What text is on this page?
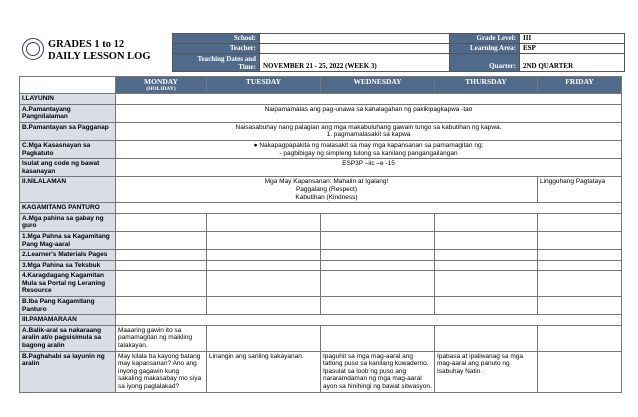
GRADES 1 to 12
DAILY LESSON LOG
School:		Grade Level:	III
Teacher:		Learning Area:	ESP

Teaching Dates and
Time:	NOVEMBER 21 - 25, 2022 (WEEK 3)	Quarter:	2ND QUARTER
	MONDAY
(HOLIDAY)	TUESDAY	WEDNESDAY	THURSDAY	FRIDAY
I.LAYUNIN					
A.Pamantayang Pangnilalaman	Naipamamalas ang pag-unawa sa kahalagahan ng pakikipagkapwa -tao				
B.Pamantayan sa Pagganap	Naisasabuhay nang palagian ang mga makabuluhang gawain tungo sa kabutihan ng kapwa.
1. pagmamalasakit sa kapwa				

C.Mga Kasasnayan sa Pagkatuto	● Nakapagpapakita ng malasakit sa may mga kapansanan sa pamamagitan ng:
- pagbibigay ng simpleng tulong sa kanilang pangangailangan				

Isulat ang code ng bawat kasanayan	ESP3P –iic –e -15				
II.NILALAMAN	Mga May Kapansanan: Mahalin at Igalang!
Paggalang (Respect)
Kabutihan (Kindness)				Lingguhang Pagtataya
KAGAMITANG PANTURO					
A.Mga pahina sa gabay ng guro					
1.Mga Pahna sa Kagamitang Pang Mag-aaral					
2.Learner's Materials Pages					
3.Mga Pahina sa Teksbuk					
4.Karagdagang Kagamitan Mula sa Portal ng Leraning Resource					
B.Iba Pang Kagamitang Panturo					
III.PAMAMARAAN					
A.Balik-aral sa nakaraang aralin at/o pagsisimula sa bagong aralin	Maaaring gawin ito sa pamamagitan ng maikling talakayan.				
B.Paghahabi sa layunin ng aralin	May kilala ba kayong batang may kapansanan? Ano ang inyong gagawin kung sakaling makasabay mo siya sa iyong paglalakad?	Linangin ang sariling kakayanan.	Ipaguhit sa mga mag-aaral ang tatlong puso sa kanilang kuwaderno. Ipasulat sa loob ng puso ang nararamdaman ng mga mag-aaral ayon sa hinihingi ng bawat sitwasyon.	Ipabasa at ipaliwanag sa mga mag-aaral ang panuto ng Isabuhay Natin.	
